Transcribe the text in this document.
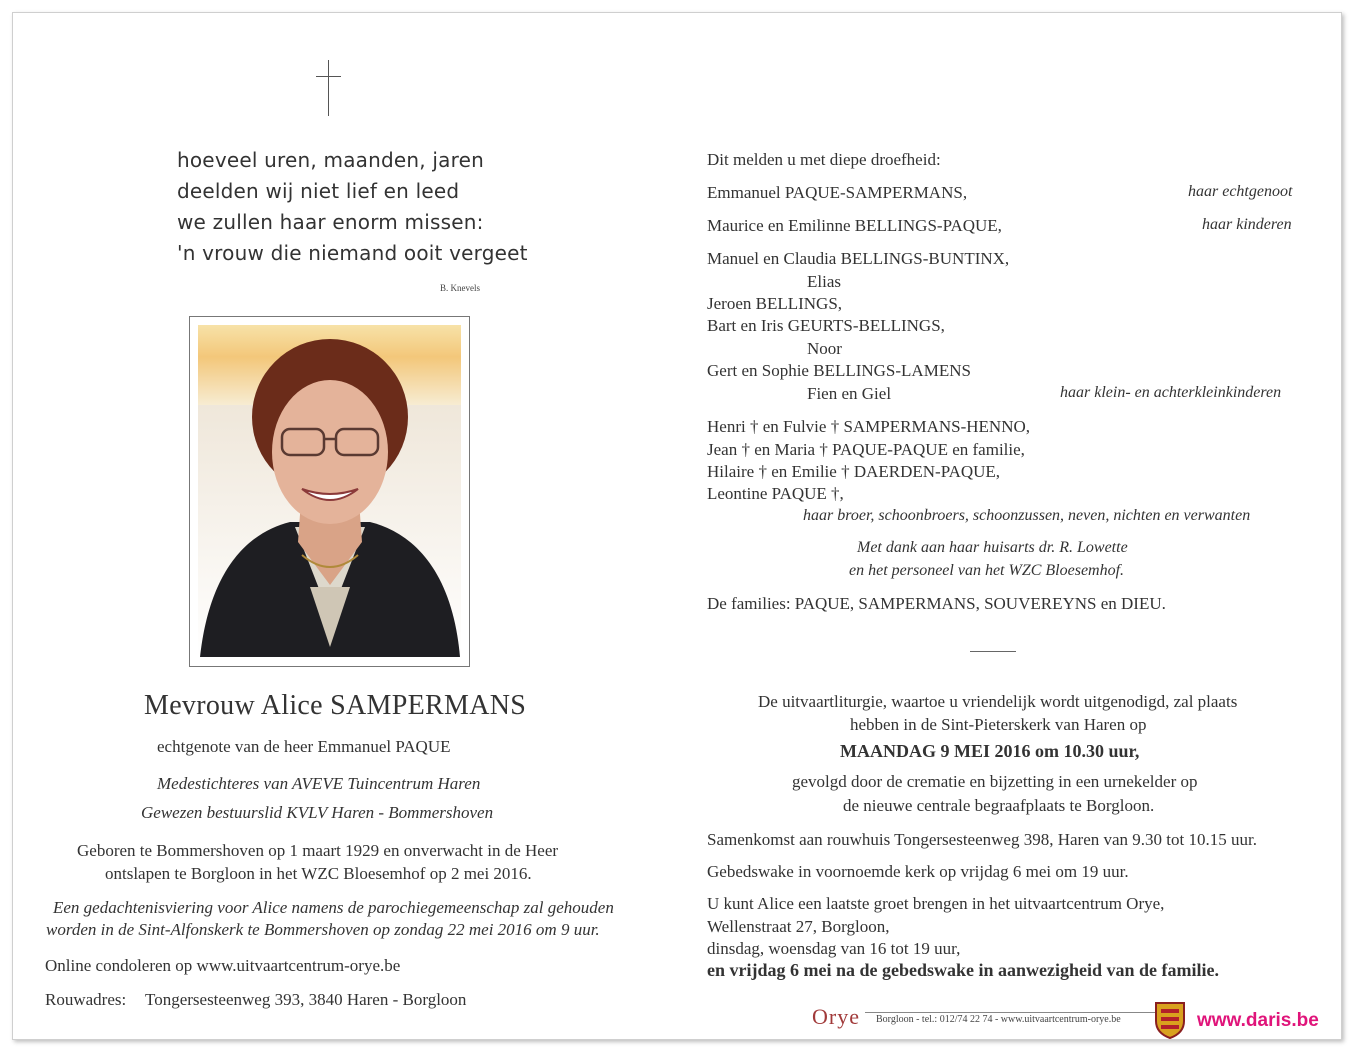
hoeveel uren, maanden, jaren
deelden wij niet lief en leed
we zullen haar enorm missen:
'n vrouw die niemand ooit vergeet
B. Knevels
Mevrouw Alice SAMPERMANS
echtgenote van de heer Emmanuel PAQUE
Medestichteres van AVEVE Tuincentrum Haren
Gewezen bestuurslid KVLV Haren - Bommershoven
Geboren te Bommershoven op 1 maart 1929 en onverwacht in de Heer
ontslapen te Borgloon in het WZC Bloesemhof op 2 mei 2016.
Een gedachtenisviering voor Alice namens de parochiegemeenschap zal gehouden
worden in de Sint-Alfonskerk te Bommershoven op zondag 22 mei 2016 om 9 uur.
Online condoleren op www.uitvaartcentrum-orye.be
Rouwadres: Tongersesteenweg 393, 3840 Haren - Borgloon
Dit melden u met diepe droefheid:
Emmanuel PAQUE-SAMPERMANS,	haar echtgenoot
Maurice en Emilinne BELLINGS-PAQUE,	haar kinderen
Manuel en Claudia BELLINGS-BUNTINX,
Elias
Jeroen BELLINGS,
Bart en Iris GEURTS-BELLINGS,
Noor
Gert en Sophie BELLINGS-LAMENS
Fien en Giel	haar klein- en achterkleinkinderen
Henri † en Fulvie † SAMPERMANS-HENNO,
Jean † en Maria † PAQUE-PAQUE en familie,
Hilaire † en Emilie † DAERDEN-PAQUE,
Leontine PAQUE †,
haar broer, schoonbroers, schoonzussen, neven, nichten en verwanten
Met dank aan haar huisarts dr. R. Lowette
en het personeel van het WZC Bloesemhof.
De families: PAQUE, SAMPERMANS, SOUVEREYNS en DIEU.
De uitvaartliturgie, waartoe u vriendelijk wordt uitgenodigd, zal plaats
hebben in de Sint-Pieterskerk van Haren op
MAANDAG 9 MEI 2016 om 10.30 uur,
gevolgd door de crematie en bijzetting in een urnekelder op
de nieuwe centrale begraafplaats te Borgloon.
Samenkomst aan rouwhuis Tongersesteenweg 398, Haren van 9.30 tot 10.15 uur.
Gebedswake in voornoemde kerk op vrijdag 6 mei om 19 uur.
U kunt Alice een laatste groet brengen in het uitvaartcentrum Orye,
Wellenstraat 27, Borgloon,
dinsdag, woensdag van 16 tot 19 uur,
en vrijdag 6 mei na de gebedswake in aanwezigheid van de familie.
Orye Borgloon - tel.: 012/74 22 74 - www.uitvaartcentrum-orye.be	www.daris.be
